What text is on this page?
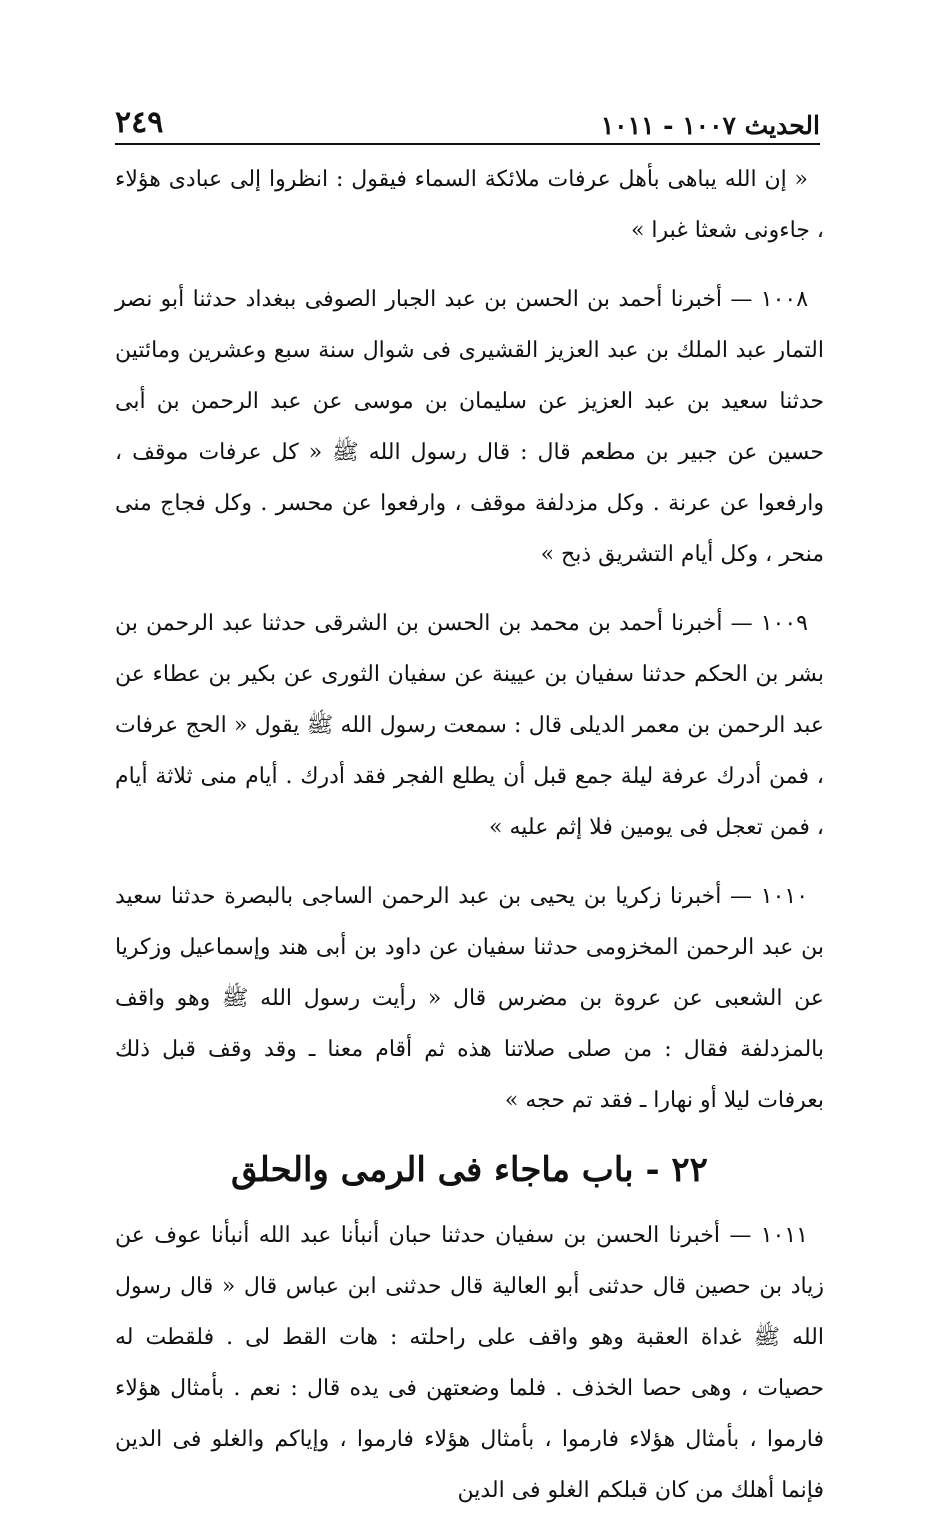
الحديث ١٠٠٧ - ١٠١١
٢٤٩

« إن الله يباهى بأهل عرفات ملائكة السماء فيقول : انظروا إلى عبادى هؤلاء ، جاءونى شعثا غبرا »

١٠٠٨ — أخبرنا أحمد بن الحسن بن عبد الجبار الصوفى ببغداد حدثنا أبو نصر التمار عبد الملك بن عبد العزيز القشيرى فى شوال سنة سبع وعشرين ومائتين حدثنا سعيد بن عبد العزيز عن سليمان بن موسى عن عبد الرحمن بن أبى حسين عن جبير بن مطعم قال : قال رسول الله ﷺ « كل عرفات موقف ، وارفعوا عن عرنة . وكل مزدلفة موقف ، وارفعوا عن محسر . وكل فجاج منى منحر ، وكل أيام التشريق ذبح »

١٠٠٩ — أخبرنا أحمد بن محمد بن الحسن بن الشرقى حدثنا عبد الرحمن بن بشر بن الحكم حدثنا سفيان بن عيينة عن سفيان الثورى عن بكير بن عطاء عن عبد الرحمن بن معمر الديلى قال : سمعت رسول الله ﷺ يقول « الحج عرفات ، فمن أدرك عرفة ليلة جمع قبل أن يطلع الفجر فقد أدرك . أيام منى ثلاثة أيام ، فمن تعجل فى يومين فلا إثم عليه »

١٠١٠ — أخبرنا زكريا بن يحيى بن عبد الرحمن الساجى بالبصرة حدثنا سعيد بن عبد الرحمن المخزومى حدثنا سفيان عن داود بن أبى هند وإسماعيل وزكريا عن الشعبى عن عروة بن مضرس قال « رأيت رسول الله ﷺ وهو واقف بالمزدلفة فقال : من صلى صلاتنا هذه ثم أقام معنا ـ وقد وقف قبل ذلك بعرفات ليلا أو نهارا ـ فقد تم حجه »

٢٢ - باب ماجاء فى الرمى والحلق

١٠١١ — أخبرنا الحسن بن سفيان حدثنا حبان أنبأنا عبد الله أنبأنا عوف عن زياد بن حصين قال حدثنى أبو العالية قال حدثنى ابن عباس قال « قال رسول الله ﷺ غداة العقبة وهو واقف على راحلته : هات القط لى . فلقطت له حصيات ، وهى حصا الخذف . فلما وضعتهن فى يده قال : نعم . بأمثال هؤلاء فارموا ، بأمثال هؤلاء فارموا ، بأمثال هؤلاء فارموا ، وإياكم والغلو فى الدين فإنما أهلك من كان قبلكم الغلو فى الدين
